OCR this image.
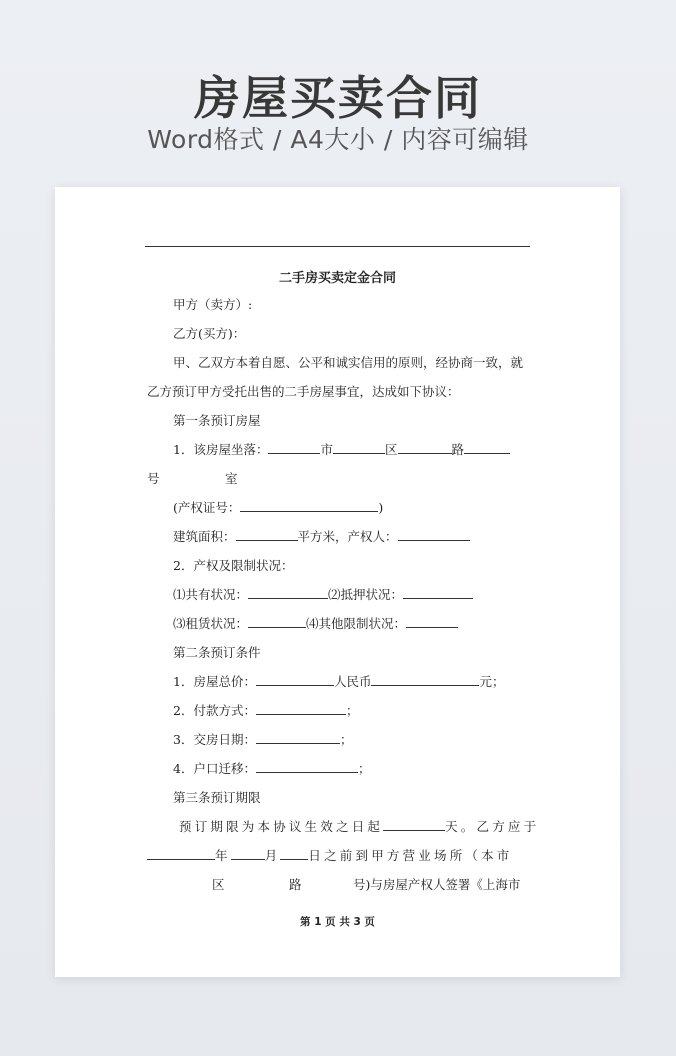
房屋买卖合同
Word格式 / A4大小 / 内容可编辑
二手房买卖定金合同
甲方（卖方）:
乙方(买方)：
甲、乙双方本着自愿、公平和诚实信用的原则，经协商一致，就
乙方预订甲方受托出售的二手房屋事宜，达成如下协议：
第一条预订房屋
1．该房屋坐落：	市	区	路
号	室
(产权证号：	)
建筑面积：	平方米，产权人：
2．产权及限制状况：
⑴共有状况：	⑵抵押状况：
⑶租赁状况：	⑷其他限制状况：
第二条预订条件
1．房屋总价：	人民币	元；
2．付款方式：	；
3．交房日期：	；
4．户口迁移：	；
第三条预订期限
预订期限为本协议生效之日起	天。乙方应于
年	月 日之前到甲方营业场所（本市
区	路	号)与房屋产权人签署《上海市
第 1 页 共 3 页
